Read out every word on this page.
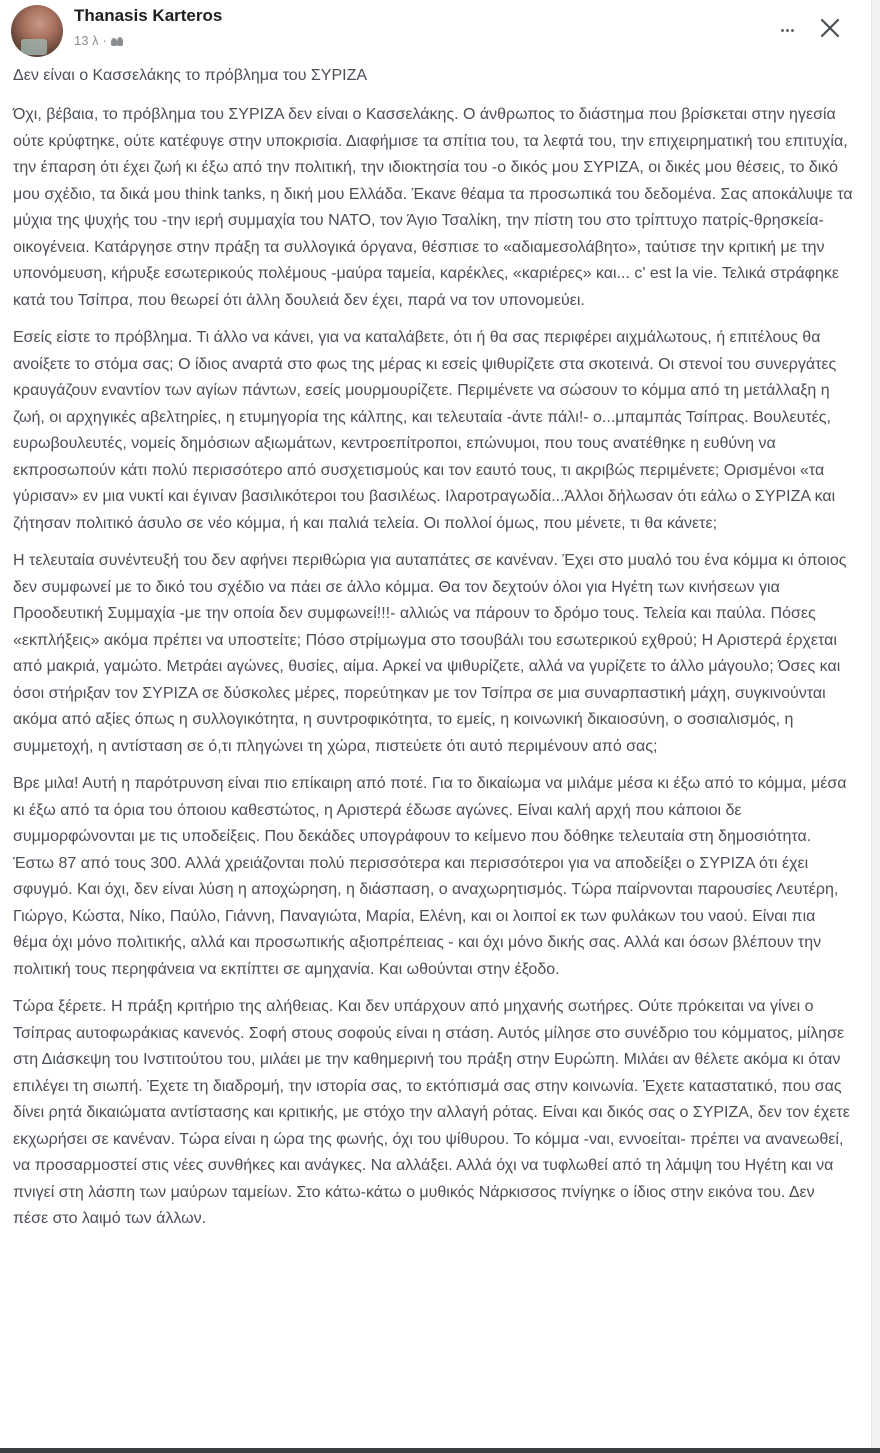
Thanasis Karteros
13 λ ·
Δεν είναι ο Κασσελάκης το πρόβλημα του ΣΥΡΙΖΑ

Όχι, βέβαια, το πρόβλημα του ΣΥΡΙΖΑ δεν είναι ο Κασσελάκης. Ο άνθρωπος το διάστημα που βρίσκεται στην ηγεσία ούτε κρύφτηκε, ούτε κατέφυγε στην υποκρισία. Διαφήμισε τα σπίτια του, τα λεφτά του, την επιχειρηματική του επιτυχία, την έπαρση ότι έχει ζωή κι έξω από την πολιτική, την ιδιοκτησία του -ο δικός μου ΣΥΡΙΖΑ, οι δικές μου θέσεις, το δικό μου σχέδιο, τα δικά μου think tanks, η δική μου Ελλάδα. Έκανε θέαμα τα προσωπικά του δεδομένα. Σας αποκάλυψε τα μύχια της ψυχής του -την ιερή συμμαχία του ΝΑΤΟ, τον Άγιο Τσαλίκη, την πίστη του στο τρίπτυχο πατρίς-θρησκεία-οικογένεια. Κατάργησε στην πράξη τα συλλογικά όργανα, θέσπισε το «αδιαμεσολάβητο», ταύτισε την κριτική με την υπονόμευση, κήρυξε εσωτερικούς πολέμους -μαύρα ταμεία, καρέκλες, «καριέρες» και... c' est la vie. Τελικά στράφηκε κατά του Τσίπρα, που θεωρεί ότι άλλη δουλειά δεν έχει, παρά να τον υπονομεύει.

Εσείς είστε το πρόβλημα. Τι άλλο να κάνει, για να καταλάβετε, ότι ή θα σας περιφέρει αιχμάλωτους, ή επιτέλους θα ανοίξετε το στόμα σας; Ο ίδιος αναρτά στο φως της μέρας κι εσείς ψιθυρίζετε στα σκοτεινά. Οι στενοί του συνεργάτες κραυγάζουν εναντίον των αγίων πάντων, εσείς μουρμουρίζετε. Περιμένετε να σώσουν το κόμμα από τη μετάλλαξη η ζωή, οι αρχηγικές αβελτηρίες, η ετυμηγορία της κάλπης, και τελευταία -άντε πάλι!- ο...μπαμπάς Τσίπρας. Βουλευτές, ευρωβουλευτές, νομείς δημόσιων αξιωμάτων, κεντροεπίτροποι, επώνυμοι, που τους ανατέθηκε η ευθύνη να εκπροσωπούν κάτι πολύ περισσότερο από συσχετισμούς και τον εαυτό τους, τι ακριβώς περιμένετε; Ορισμένοι «τα γύρισαν» εν μια νυκτί και έγιναν βασιλικότεροι του βασιλέως. Ιλαροτραγωδία...Άλλοι δήλωσαν ότι εάλω ο ΣΥΡΙΖΑ και ζήτησαν πολιτικό άσυλο σε νέο κόμμα, ή και παλιά τελεία. Οι πολλοί όμως, που μένετε, τι θα κάνετε;

Η τελευταία συνέντευξή του δεν αφήνει περιθώρια για αυταπάτες σε κανέναν. Έχει στο μυαλό του ένα κόμμα κι όποιος δεν συμφωνεί με το δικό του σχέδιο να πάει σε άλλο κόμμα. Θα τον δεχτούν όλοι για Ηγέτη των κινήσεων για Προοδευτική Συμμαχία -με την οποία δεν συμφωνεί!!!- αλλιώς να πάρουν το δρόμο τους. Τελεία και παύλα. Πόσες «εκπλήξεις» ακόμα πρέπει να υποστείτε; Πόσο στρίμωγμα στο τσουβάλι του εσωτερικού εχθρού; Η Αριστερά έρχεται από μακριά, γαμώτο. Μετράει αγώνες, θυσίες, αίμα. Αρκεί να ψιθυρίζετε, αλλά να γυρίζετε το άλλο μάγουλο; Όσες και όσοι στήριξαν τον ΣΥΡΙΖΑ σε δύσκολες μέρες, πορεύτηκαν με τον Τσίπρα σε μια συναρπαστική μάχη, συγκινούνται ακόμα από αξίες όπως η συλλογικότητα, η συντροφικότητα, το εμείς, η κοινωνική δικαιοσύνη, ο σοσιαλισμός, η συμμετοχή, η αντίσταση σε ό,τι πληγώνει τη χώρα, πιστεύετε ότι αυτό περιμένουν από σας;

Βρε μιλα! Αυτή η παρότρυνση είναι πιο επίκαιρη από ποτέ. Για το δικαίωμα να μιλάμε μέσα κι έξω από το κόμμα, μέσα κι έξω από τα όρια του όποιου καθεστώτος, η Αριστερά έδωσε αγώνες. Είναι καλή αρχή που κάποιοι δε συμμορφώνονται με τις υποδείξεις. Που δεκάδες υπογράφουν το κείμενο που δόθηκε τελευταία στη δημοσιότητα. Έστω 87 από τους 300. Αλλά χρειάζονται πολύ περισσότερα και περισσότεροι για να αποδείξει ο ΣΥΡΙΖΑ ότι έχει σφυγμό. Και όχι, δεν είναι λύση η αποχώρηση, η διάσπαση, ο αναχωρητισμός. Τώρα παίρνονται παρουσίες Λευτέρη, Γιώργο, Κώστα, Νίκο, Παύλο, Γιάννη, Παναγιώτα, Μαρία, Ελένη, και οι λοιποί εκ των φυλάκων του ναού. Είναι πια θέμα όχι μόνο πολιτικής, αλλά και προσωπικής αξιοπρέπειας - και όχι μόνο δικής σας. Αλλά και όσων βλέπουν την πολιτική τους περηφάνεια να εκπίπτει σε αμηχανία. Και ωθούνται στην έξοδο.

Τώρα ξέρετε. Η πράξη κριτήριο της αλήθειας. Και δεν υπάρχουν από μηχανής σωτήρες. Ούτε πρόκειται να γίνει ο Τσίπρας αυτοφωράκιας κανενός. Σοφή στους σοφούς είναι η στάση. Αυτός μίλησε στο συνέδριο του κόμματος, μίλησε στη Διάσκεψη του Ινστιτούτου του, μιλάει με την καθημερινή του πράξη στην Ευρώπη. Μιλάει αν θέλετε ακόμα κι όταν επιλέγει τη σιωπή. Έχετε τη διαδρομή, την ιστορία σας, το εκτόπισμά σας στην κοινωνία. Έχετε καταστατικό, που σας δίνει ρητά δικαιώματα αντίστασης και κριτικής, με στόχο την αλλαγή ρότας. Είναι και δικός σας ο ΣΥΡΙΖΑ, δεν τον έχετε εκχωρήσει σε κανέναν. Τώρα είναι η ώρα της φωνής, όχι του ψίθυρου. Το κόμμα -ναι, εννοείται- πρέπει να ανανεωθεί, να προσαρμοστεί στις νέες συνθήκες και ανάγκες. Να αλλάξει. Αλλά όχι να τυφλωθεί από τη λάμψη του Ηγέτη και να πνιγεί στη λάσπη των μαύρων ταμείων. Στο κάτω-κάτω ο μυθικός Νάρκισσος πνίγηκε ο ίδιος στην εικόνα του. Δεν πέσε στο λαιμό των άλλων.
